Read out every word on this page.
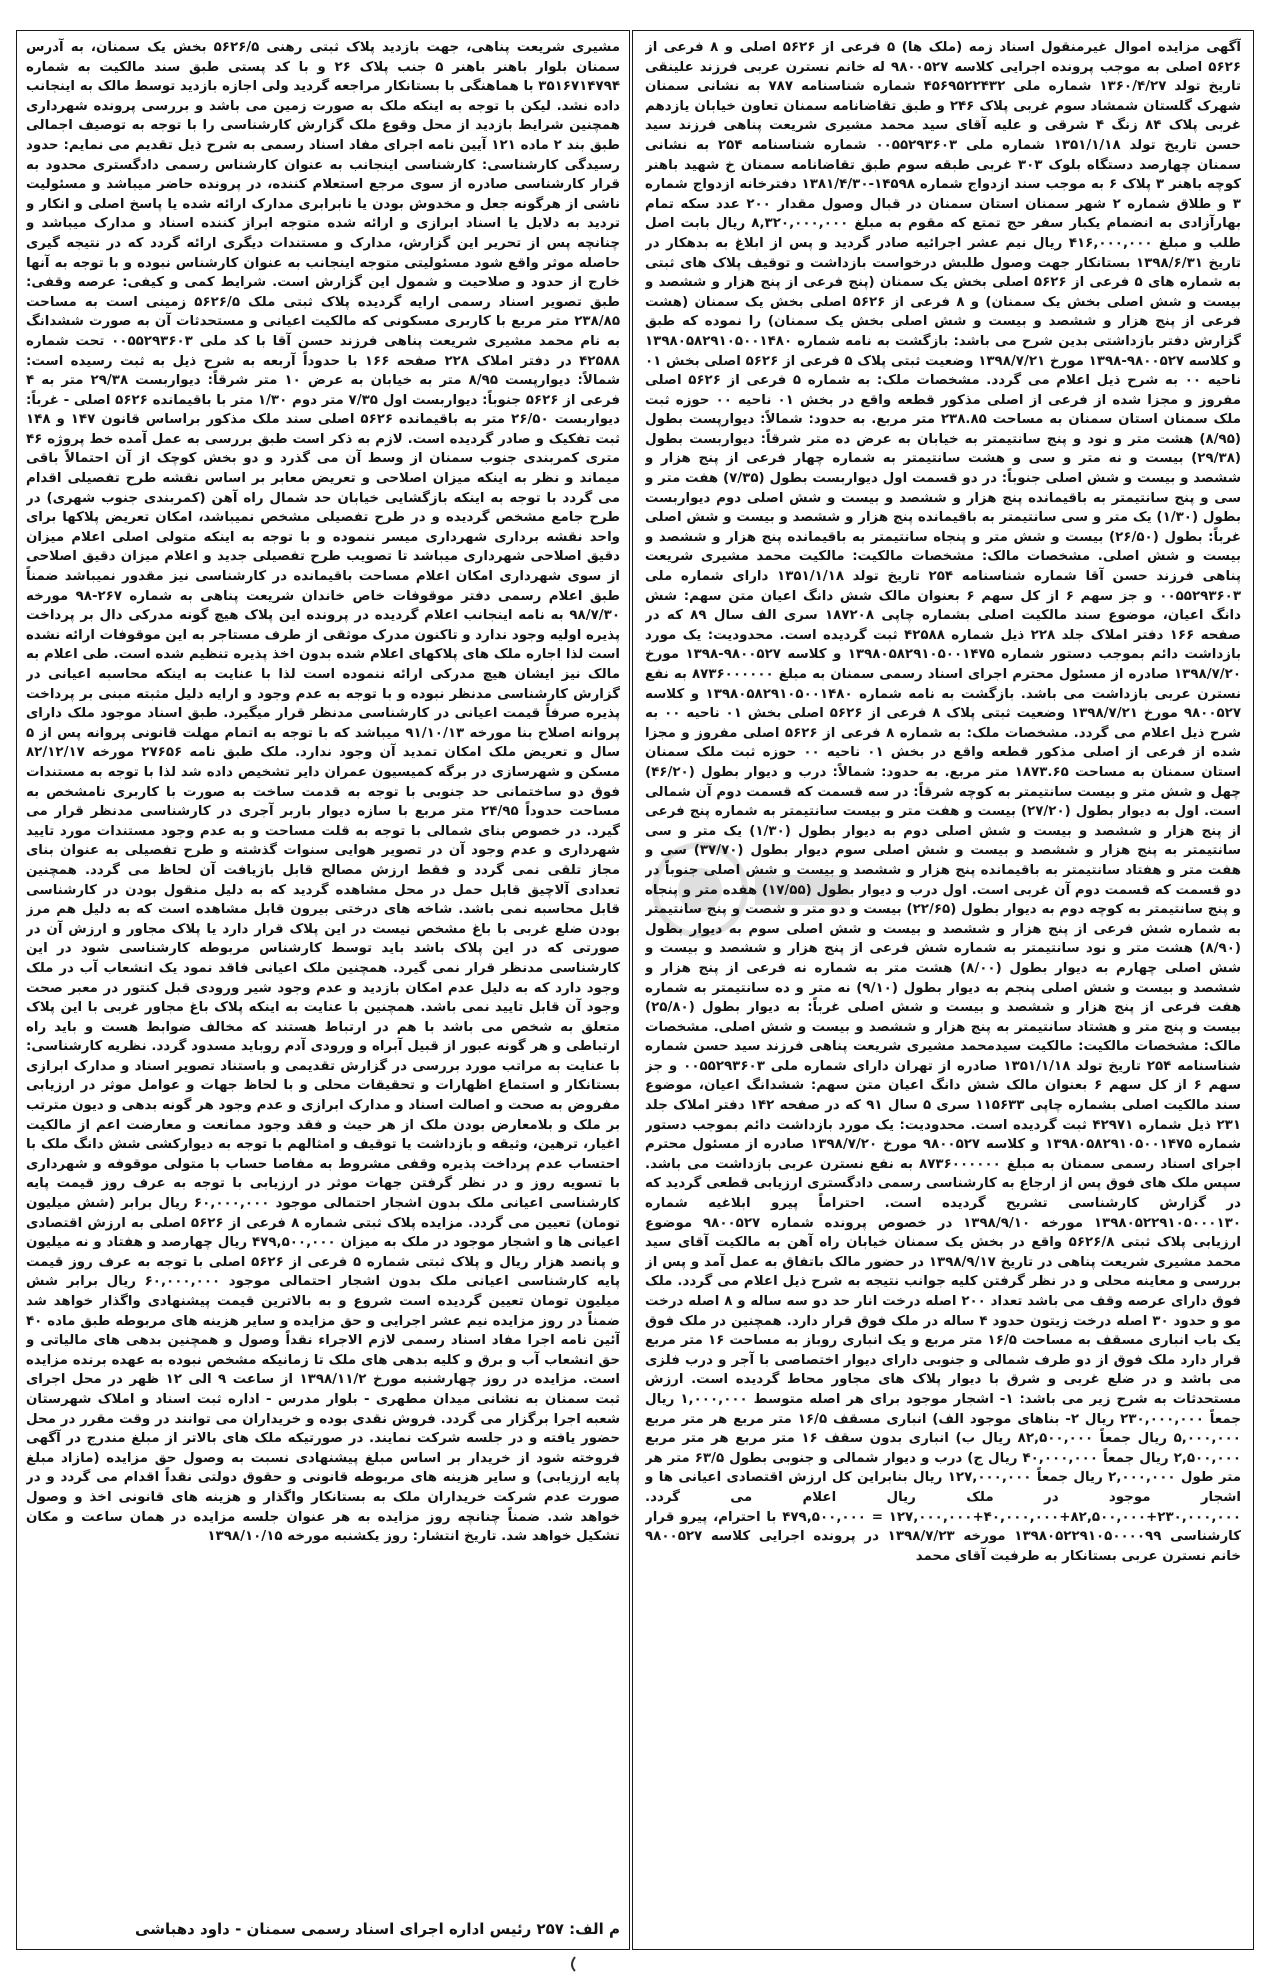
آگهی مزایده اموال غیرمنقول اسناد زمه (ملک ها) ۵ فرعی از ۵۶۲۶ اصلی و ۸ فرعی از ۵۶۲۶ اصلی به موجب پرونده اجرایی کلاسه ۹۸۰۰۵۲۷ له خانم نسترن عربی فرزند علینقی تاریخ تولد ۱۳۶۰/۴/۲۷ شماره ملی ۴۵۶۹۵۲۲۴۳۲ شماره شناسنامه ۷۸۷ به نشانی سمنان شهرک گلستان شمشاد سوم غربی پلاک ۲۴۶ و طبق تقاضانامه سمنان تعاون خیابان یازدهم غربی پلاک ۸۴ زنگ ۴ شرقی و علیه آقای سید محمد مشیری شریعت پناهی فرزند سید حسن تاریخ تولد ۱۳۵۱/۱/۱۸ شماره ملی ۰۰۵۵۲۹۳۶۰۳ شماره شناسنامه ۲۵۴ به نشانی سمنان چهارصد دستگاه بلوک ۳۰۳ غربی طبقه سوم طبق تقاضانامه سمنان خ شهید باهنر کوچه باهنر ۳ پلاک ۶ به موجب سند ازدواج شماره ۱۴۵۹۸-۱۳۸۱/۴/۳۰ دفترخانه ازدواج شماره ۳ و طلاق شماره ۲ شهر سمنان استان سمنان در قبال وصول مقدار ۲۰۰ عدد سکه تمام بهارآزادی به انضمام یکبار سفر حج تمتع که مقوم به مبلغ ۸,۳۲۰,۰۰۰,۰۰۰ ریال بابت اصل طلب و مبلغ ۴۱۶,۰۰۰,۰۰۰ ریال نیم عشر اجرائیه صادر گردید و پس از ابلاغ به بدهکار در تاریخ ۱۳۹۸/۶/۳۱ بستانکار جهت وصول طلبش درخواست بازداشت و توقیف پلاک های ثبتی به شماره های ۵ فرعی از ۵۶۲۶ اصلی بخش یک سمنان (پنج فرعی از پنج هزار و ششصد و بیست و شش اصلی بخش یک سمنان) و ۸ فرعی از ۵۶۲۶ اصلی بخش یک سمنان (هشت فرعی از پنج هزار و ششصد و بیست و شش اصلی بخش یک سمنان) را نموده که طبق گزارش دفتر بازداشتی بدین شرح می باشد: بازگشت به نامه شماره ۱۳۹۸۰۵۸۲۹۱۰۵۰۰۱۴۸۰ و کلاسه ۹۸۰۰۵۲۷-۱۳۹۸ مورخ ۱۳۹۸/۷/۲۱ وضعیت ثبتی پلاک ۵ فرعی از ۵۶۲۶ اصلی بخش ۰۱ ناحیه ۰۰ به شرح ذیل اعلام می گردد. مشخصات ملک: به شماره ۵ فرعی از ۵۶۲۶ اصلی مفروز و مجزا شده از فرعی از اصلی مذکور قطعه واقع در بخش ۰۱ ناحیه ۰۰ حوزه ثبت ملک سمنان استان سمنان به مساحت ۲۳۸.۸۵ متر مربع. به حدود: شمالاً: دیوارپست بطول (۸/۹۵) هشت متر و نود و پنج سانتیمتر به خیابان به عرض ده متر شرقاً: دیواربست بطول (۲۹/۳۸) بیست و نه متر و سی و هشت سانتیمتر به شماره چهار فرعی از پنج هزار و ششصد و بیست و شش اصلی جنوباً: در دو قسمت اول دیواربست بطول (۷/۳۵) هفت متر و سی و پنج سانتیمتر به باقیمانده پنج هزار و ششصد و بیست و شش اصلی دوم دیواربست بطول (۱/۳۰) یک متر و سی سانتیمتر به باقیمانده پنج هزار و ششصد و بیست و شش اصلی غرباً: بطول (۲۶/۵۰) بیست و شش متر و پنجاه سانتیمتر به باقیمانده پنج هزار و ششصد و بیست و شش اصلی. مشخصات مالک: مشخصات مالکیت: مالکیت محمد مشیری شریعت پناهی فرزند حسن آقا شماره شناسنامه ۲۵۴ تاریخ تولد ۱۳۵۱/۱/۱۸ دارای شماره ملی ۰۰۵۵۲۹۳۶۰۳ و جز سهم ۶ از کل سهم ۶ بعنوان مالک شش دانگ اعیان متن سهم: شش دانگ اعیان، موضوع سند مالکیت اصلی بشماره چاپی ۱۸۷۲۰۸ سری الف سال ۸۹ که در صفحه ۱۶۶ دفتر املاک جلد ۲۲۸ ذیل شماره ۴۲۵۸۸ ثبت گردیده است. محدودیت: یک مورد بازداشت دائم بموجب دستور شماره ۱۳۹۸۰۵۸۲۹۱۰۵۰۰۱۴۷۵ و کلاسه ۹۸۰۰۵۲۷-۱۳۹۸ مورخ ۱۳۹۸/۷/۲۰ صادره از مسئول محترم اجرای اسناد رسمی سمنان به مبلغ ۸۷۳۶۰۰۰۰۰۰ به نفع نسترن عربی بازداشت می باشد. بازگشت به نامه شماره ۱۳۹۸۰۵۸۲۹۱۰۵۰۰۱۴۸۰ و کلاسه ۹۸۰۰۵۲۷ مورخ ۱۳۹۸/۷/۲۱ وضعیت ثبتی پلاک ۸ فرعی از ۵۶۲۶ اصلی بخش ۰۱ ناحیه ۰۰ به شرح ذیل اعلام می گردد. مشخصات ملک: به شماره ۸ فرعی از ۵۶۲۶ اصلی مفروز و مجزا شده از فرعی از اصلی مذکور قطعه واقع در بخش ۰۱ ناحیه ۰۰ حوزه ثبت ملک سمنان استان سمنان به مساحت ۱۸۷۳.۶۵ متر مربع. به حدود: شمالاً: درب و دیوار بطول (۴۶/۲۰) چهل و شش متر و بیست سانتیمتر به کوچه شرقاً: در سه قسمت که قسمت دوم آن شمالی است. اول به دیوار بطول (۲۷/۲۰) بیست و هفت متر و بیست سانتیمتر به شماره پنج فرعی از پنج هزار و ششصد و بیست و شش اصلی دوم به دیوار بطول (۱/۳۰) یک متر و سی سانتیمتر به پنج هزار و ششصد و بیست و شش اصلی سوم دیوار بطول (۳۷/۷۰) سی و هفت متر و هفتاد سانتیمتر به باقیمانده پنج هزار و ششصد و بیست و شش اصلی جنوباً در دو قسمت که قسمت دوم آن غربی است. اول درب و دیوار بطول (۱۷/۵۵) هفده متر و پنجاه و پنج سانتیمتر به کوچه دوم به دیوار بطول (۲۲/۶۵) بیست و دو متر و شصت و پنج سانتیمتر به شماره شش فرعی از پنج هزار و ششصد و بیست و شش اصلی سوم به دیوار بطول (۸/۹۰) هشت متر و نود سانتیمتر به شماره شش فرعی از پنج هزار و ششصد و بیست و شش اصلی چهارم به دیوار بطول (۸/۰۰) هشت متر به شماره نه فرعی از پنج هزار و ششصد و بیست و شش اصلی پنجم به دیوار بطول (۹/۱۰) نه متر و ده سانتیمتر به شماره هفت فرعی از پنج هزار و ششصد و بیست و شش اصلی غرباً: به دیوار بطول (۲۵/۸۰) بیست و پنج متر و هشتاد سانتیمتر به پنج هزار و ششصد و بیست و شش اصلی. مشخصات مالک: مشخصات مالکیت: مالکیت سیدمحمد مشیری شریعت پناهی فرزند سید حسن شماره شناسنامه ۲۵۴ تاریخ تولد ۱۳۵۱/۱/۱۸ صادره از تهران دارای شماره ملی ۰۰۵۵۲۹۳۶۰۳ و جز سهم ۶ از کل سهم ۶ بعنوان مالک شش دانگ اعیان متن سهم: ششدانگ اعیان، موضوع سند مالکیت اصلی بشماره چاپی ۱۱۵۶۳۳ سری ۵ سال ۹۱ که در صفحه ۱۴۲ دفتر املاک جلد ۲۳۱ ذیل شماره ۴۲۹۷۱ ثبت گردیده است. محدودیت: یک مورد بازداشت دائم بموجب دستور شماره ۱۳۹۸۰۵۸۲۹۱۰۵۰۰۱۴۷۵ و کلاسه ۹۸۰۰۵۲۷ مورخ ۱۳۹۸/۷/۲۰ صادره از مسئول محترم اجرای اسناد رسمی سمنان به مبلغ ۸۷۳۶۰۰۰۰۰۰ به نفع نسترن عربی بازداشت می باشد. سپس ملک های فوق پس از ارجاع به کارشناسی رسمی دادگستری ارزیابی قطعی گردید که در گزارش کارشناسی تشریح گردیده است. احتراماً پیرو ابلاغیه شماره ۱۳۹۸۰۵۲۲۹۱۰۵۰۰۰۱۳۰ مورخه ۱۳۹۸/۹/۱۰ در خصوص پرونده شماره ۹۸۰۰۵۲۷ موضوع ارزیابی پلاک ثبتی ۵۶۲۶/۸ واقع در بخش یک سمنان خیابان راه آهن به مالکیت آقای سید محمد مشیری شریعت پناهی در تاریخ ۱۳۹۸/۹/۱۷ در حضور مالک باتفاق به عمل آمد و پس از بررسی و معاینه محلی و در نظر گرفتن کلیه جوانب نتیجه به شرح ذیل اعلام می گردد. ملک فوق دارای عرصه وقف می باشد تعداد ۲۰۰ اصله درخت انار حد دو سه ساله و ۸ اصله درخت مو و حدود ۳۰ اصله درخت زیتون حدود ۴ ساله در ملک فوق قرار دارد. همچنین در ملک فوق یک باب انباری مسقف به مساحت ۱۶/۵ متر مربع و یک انباری روباز به مساحت ۱۶ متر مربع قرار دارد ملک فوق از دو طرف شمالی و جنوبی دارای دیوار اختصاصی با آجر و درب فلزی می باشد و در ضلع غربی و شرق با دیوار پلاک های مجاور محاط گردیده است. ارزش مستحدثات به شرح زیر می باشد: ۱- اشجار موجود برای هر اصله متوسط ۱,۰۰۰,۰۰۰ ریال جمعاً ۲۳۰,۰۰۰,۰۰۰ ریال ۲- بناهای موجود الف) انباری مسقف ۱۶/۵ متر مربع هر متر مربع ۵,۰۰۰,۰۰۰ ریال جمعاً ۸۲,۵۰۰,۰۰۰ ریال ب) انباری بدون سقف ۱۶ متر مربع هر متر مربع ۲,۵۰۰,۰۰۰ ریال جمعاً ۴۰,۰۰۰,۰۰۰ ریال ج) درب و دیوار شمالی و جنوبی بطول ۶۳/۵ متر هر متر طول ۲,۰۰۰,۰۰۰ ریال جمعاً ۱۲۷,۰۰۰,۰۰۰ ریال بنابراین کل ارزش اقتصادی اعیانی ها و اشجار موجود در ملک ریال اعلام می گردد. ۲۳۰,۰۰۰,۰۰۰+۸۲,۵۰۰,۰۰۰+۴۰,۰۰۰,۰۰۰+۱۲۷,۰۰۰,۰۰۰ = ۴۷۹,۵۰۰,۰۰۰ با احترام، پیرو قرار کارشناسی ۱۳۹۸۰۵۲۲۹۱۰۵۰۰۰۰۹۹ مورخه ۱۳۹۸/۷/۲۳ در پرونده اجرایی کلاسه ۹۸۰۰۵۲۷ خانم نسترن عربی بستانکار به طرفیت آقای محمد
مشیری شریعت پناهی، جهت بازدید پلاک ثبتی رهنی ۵۶۲۶/۵ بخش یک سمنان، به آدرس سمنان بلوار باهنر باهنر ۵ جنب پلاک ۲۶ و با کد پستی طبق سند مالکیت به شماره ۳۵۱۶۷۱۴۷۹۴ با هماهنگی با بستانکار مراجعه گردید ولی اجازه بازدید توسط مالک به اینجانب داده نشد. لیکن با توجه به اینکه ملک به صورت زمین می باشد و بررسی پرونده شهرداری همچنین شرایط بازدید از محل وقوع ملک گزارش کارشناسی را با توجه به توصیف اجمالی طبق بند ۲ ماده ۱۲۱ آیین نامه اجرای مفاد اسناد رسمی به شرح ذیل تقدیم می نمایم: حدود رسیدگی کارشناسی: کارشناسی اینجانب به عنوان کارشناس رسمی دادگستری محدود به قرار کارشناسی صادره از سوی مرجع استعلام کننده، در پرونده حاضر میباشد و مسئولیت ناشی از هرگونه جعل و مخدوش بودن یا نابرابری مدارک ارائه شده یا پاسخ اصلی و انکار و تردید به دلایل یا اسناد ابرازی و ارائه شده متوجه ابراز کننده اسناد و مدارک میباشد و چنانچه پس از تحریر این گزارش، مدارک و مستندات دیگری ارائه گردد که در نتیجه گیری حاصله موثر واقع شود مسئولیتی متوجه اینجانب به عنوان کارشناس نبوده و با توجه به آنها خارج از حدود و صلاحیت و شمول این گزارش است. شرایط کمی و کیفی: عرصه وقفی: طبق تصویر اسناد رسمی ارایه گردیده پلاک ثبتی ملک ۵۶۲۶/۵ زمینی است به مساحت ۲۳۸/۸۵ متر مربع با کاربری مسکونی که مالکیت اعیانی و مستحدثات آن به صورت ششدانگ به نام محمد مشیری شریعت پناهی فرزند حسن آقا با کد ملی ۰۰۵۵۲۹۳۶۰۳ تحت شماره ۴۲۵۸۸ در دفتر املاک ۲۲۸ صفحه ۱۶۶ با حدوداً آربعه به شرح ذیل به ثبت رسیده است: شمالاً: دیوارپست ۸/۹۵ متر به خیابان به عرض ۱۰ متر شرقاً: دیواربست ۲۹/۳۸ متر به ۴ فرعی از ۵۶۲۶ جنوباً: دیواربست اول ۷/۳۵ متر دوم ۱/۳۰ متر با باقیمانده ۵۶۲۶ اصلی - غرباً: دیواربست ۲۶/۵۰ متر به باقیمانده ۵۶۲۶ اصلی سند ملک مذکور براساس قانون ۱۴۷ و ۱۴۸ ثبت تفکیک و صادر گردیده است. لازم به ذکر است طبق بررسی به عمل آمده خط پروژه ۴۶ متری کمربندی جنوب سمنان از وسط آن می گذرد و دو بخش کوچک از آن احتمالاً باقی میماند و نظر به اینکه میزان اصلاحی و تعریض معابر بر اساس نقشه طرح تفصیلی اقدام می گردد با توجه به اینکه بازگشایی خیابان حد شمال راه آهن (کمربندی جنوب شهری) در طرح جامع مشخص گردیده و در طرح تفصیلی مشخص نمیباشد، امکان تعریض پلاکها برای واحد نقشه برداری شهرداری میسر ننموده و با توجه به اینکه متولی اصلی اعلام میزان دقیق اصلاحی شهرداری میباشد تا تصویب طرح تفصیلی جدید و اعلام میزان دقیق اصلاحی از سوی شهرداری امکان اعلام مساحت باقیمانده در کارشناسی نیز مقدور نمیباشد ضمناً طبق اعلام رسمی دفتر موقوفات خاص خاندان شریعت پناهی به شماره ۲۶۷-۹۸ مورخه ۹۸/۷/۳۰ به نامه اینجانب اعلام گردیده در پرونده این پلاک هیچ گونه مدرکی دال بر پرداخت پذیره اولیه وجود ندارد و تاکنون مدرک موثقی از طرف مستاجر به این موقوفات ارائه نشده است لذا اجاره ملک های پلاکهای اعلام شده بدون اخذ پذیره تنظیم شده است. طی اعلام به مالک نیز ایشان هیچ مدرکی ارائه ننموده است لذا با عنایت به اینکه محاسبه اعیانی در گزارش کارشناسی مدنظر نبوده و با توجه به عدم وجود و ارایه دلیل مثبته مبنی بر پرداخت پذیره صرفاً قیمت اعیانی در کارشناسی مدنظر قرار میگیرد. طبق اسناد موجود ملک دارای پروانه اصلاح بنا مورخه ۹۱/۱۰/۱۳ میباشد که با توجه به اتمام مهلت قانونی پروانه پس از ۵ سال و تعریض ملک امکان تمدید آن وجود ندارد. ملک طبق نامه ۲۷۶۵۶ مورخه ۸۲/۱۲/۱۷ مسکن و شهرسازی در برگه کمیسیون عمران دایر تشخیص داده شد لذا با توجه به مستندات فوق دو ساختمانی حد جنوبی با توجه به قدمت ساخت به صورت با کاربری نامشخص به مساحت حدوداً ۲۴/۹۵ متر مربع با سازه دیوار باربر آجری در کارشناسی مدنظر قرار می گیرد. در خصوص بنای شمالی با توجه به قلت مساحت و به عدم وجود مستندات مورد تایید شهرداری و عدم وجود آن در تصویر هوایی سنوات گذشته و طرح تفصیلی به عنوان بنای مجاز تلقی نمی گردد و فقط ارزش مصالح قابل بازیافت آن لحاظ می گردد. همچنین تعدادی آلاچیق قابل حمل در محل مشاهده گردید که به دلیل منقول بودن در کارشناسی قابل محاسبه نمی باشد. شاخه های درختی بیرون قابل مشاهده است که به دلیل هم مرز بودن ضلع غربی با باغ مشخص نیست در این پلاک قرار دارد یا پلاک مجاور و ارزش آن در صورتی که در این پلاک باشد باید توسط کارشناس مربوطه کارشناسی شود در این کارشناسی مدنظر قرار نمی گیرد. همچنین ملک اعیانی فاقد نمود یک انشعاب آب در ملک وجود دارد که به دلیل عدم امکان بازدید و عدم وجود شیر ورودی قبل کنتور در معبر صحت وجود آن قابل تایید نمی باشد. همچنین با عنایت به اینکه پلاک باغ مجاور غربی با این پلاک متعلق به شخص می باشد با هم در ارتباط هستند که مخالف ضوابط هست و باید راه ارتباطی و هر گونه عبور از قبیل آبراه و ورودی آدم روباید مسدود گردد. نظریه کارشناسی: با عنایت به مراتب مورد بررسی در گزارش تقدیمی و باستناد تصویر اسناد و مدارک ابرازی بستانکار و استماع اظهارات و تحقیقات محلی و با لحاظ جهات و عوامل موثر در ارزیابی مفروض به صحت و اصالت اسناد و مدارک ابرازی و عدم وجود هر گونه بدهی و دیون مترتب بر ملک و بلامعارض بودن ملک از هر حیث و فقد وجود ممانعت و معارضت اعم از مالکیت اغیار، ترهین، وثیقه و بازداشت یا توقیف و امثالهم با توجه به دیوارکشی شش دانگ ملک با احتساب عدم پرداخت پذیره وقفی مشروط به مفاصا حساب با متولی موقوفه و شهرداری با تسویه روز و در نظر گرفتن جهات موثر در ارزیابی با توجه به عرف روز قیمت پایه کارشناسی اعیانی ملک بدون اشجار احتمالی موجود ۶۰,۰۰۰,۰۰۰ ریال برابر (شش میلیون تومان) تعیین می گردد. مزایده پلاک ثبتی شماره ۸ فرعی از ۵۶۲۶ اصلی به ارزش اقتصادی اعیانی ها و اشجار موجود در ملک به میزان ۴۷۹,۵۰۰,۰۰۰ ریال چهارصد و هفتاد و نه میلیون و پانصد هزار ریال و پلاک ثبتی شماره ۵ فرعی از ۵۶۲۶ اصلی با توجه به عرف روز قیمت پایه کارشناسی اعیانی ملک بدون اشجار احتمالی موجود ۶۰,۰۰۰,۰۰۰ ریال برابر شش میلیون تومان تعیین گردیده است شروع و به بالاترین قیمت پیشنهادی واگذار خواهد شد ضمناً در روز مزایده نیم عشر اجرایی و حق مزایده و سایر هزینه های مربوطه طبق ماده ۴۰ آئین نامه اجرا مفاد اسناد رسمی لازم الاجراء نقداً وصول و همچنین بدهی های مالیاتی و حق انشعاب آب و برق و کلیه بدهی های ملک تا زمانیکه مشخص نبوده به عهده برنده مزایده است. مزایده در روز چهارشنبه مورخ ۱۳۹۸/۱۱/۲ از ساعت ۹ الی ۱۲ ظهر در محل اجرای ثبت سمنان به نشانی میدان مطهری - بلوار مدرس - اداره ثبت اسناد و املاک شهرستان شعبه اجرا برگزار می گردد. فروش نقدی بوده و خریداران می توانند در وقت مقرر در محل حضور یافته و در جلسه شرکت نمایند. در صورتیکه ملک های بالاتر از مبلغ مندرج در آگهی فروخته شود از خریدار بر اساس مبلغ پیشنهادی نسبت به وصول حق مزایده (مازاد مبلغ پایه ارزیابی) و سایر هزینه های مربوطه قانونی و حقوق دولتی نقداً اقدام می گردد و در صورت عدم شرکت خریداران ملک به بستانکار واگذار و هزینه های قانونی اخذ و وصول خواهد شد. ضمناً چنانچه روز مزایده به هر عنوان جلسه مزایده در همان ساعت و مکان تشکیل خواهد شد. تاریخ انتشار: روز یکشنبه مورخه ۱۳۹۸/۱۰/۱۵
م الف: ۲۵۷ رئیس اداره اجرای اسناد رسمی سمنان - داود دهباشی
